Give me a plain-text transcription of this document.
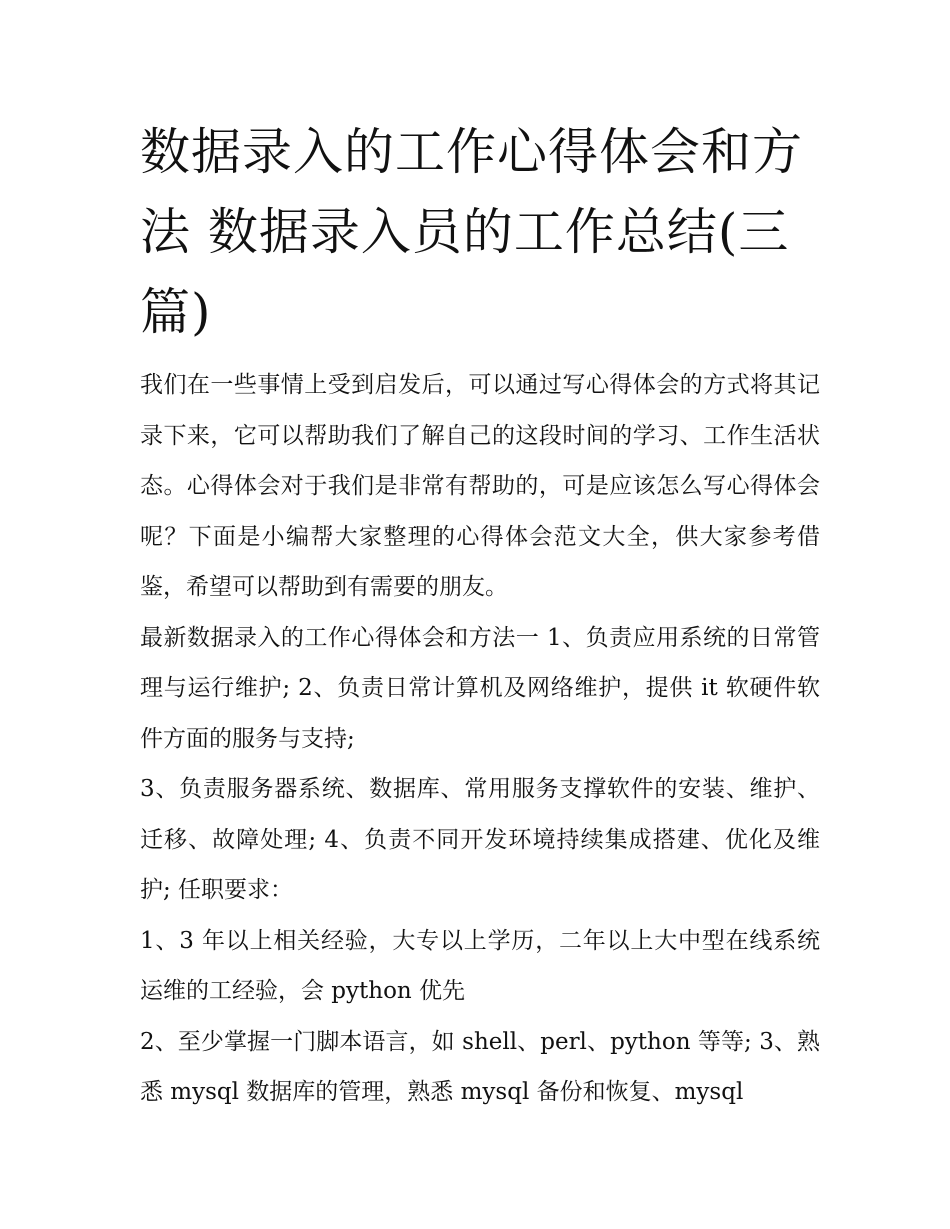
数据录入的工作心得体会和方法 数据录入员的工作总结(三篇)

我们在一些事情上受到启发后，可以通过写心得体会的方式将其记录下来，它可以帮助我们了解自己的这段时间的学习、工作生活状态。心得体会对于我们是非常有帮助的，可是应该怎么写心得体会呢？下面是小编帮大家整理的心得体会范文大全，供大家参考借鉴，希望可以帮助到有需要的朋友。

最新数据录入的工作心得体会和方法一 1、负责应用系统的日常管理与运行维护; 2、负责日常计算机及网络维护，提供 it 软硬件软件方面的服务与支持;

3、负责服务器系统、数据库、常用服务支撑软件的安装、维护、迁移、故障处理; 4、负责不同开发环境持续集成搭建、优化及维护; 任职要求：

1、3 年以上相关经验，大专以上学历，二年以上大中型在线系统运维的工经验，会 python 优先

2、至少掌握一门脚本语言，如 shell、perl、python 等等; 3、熟悉 mysql 数据库的管理，熟悉 mysql 备份和恢复、mysql
